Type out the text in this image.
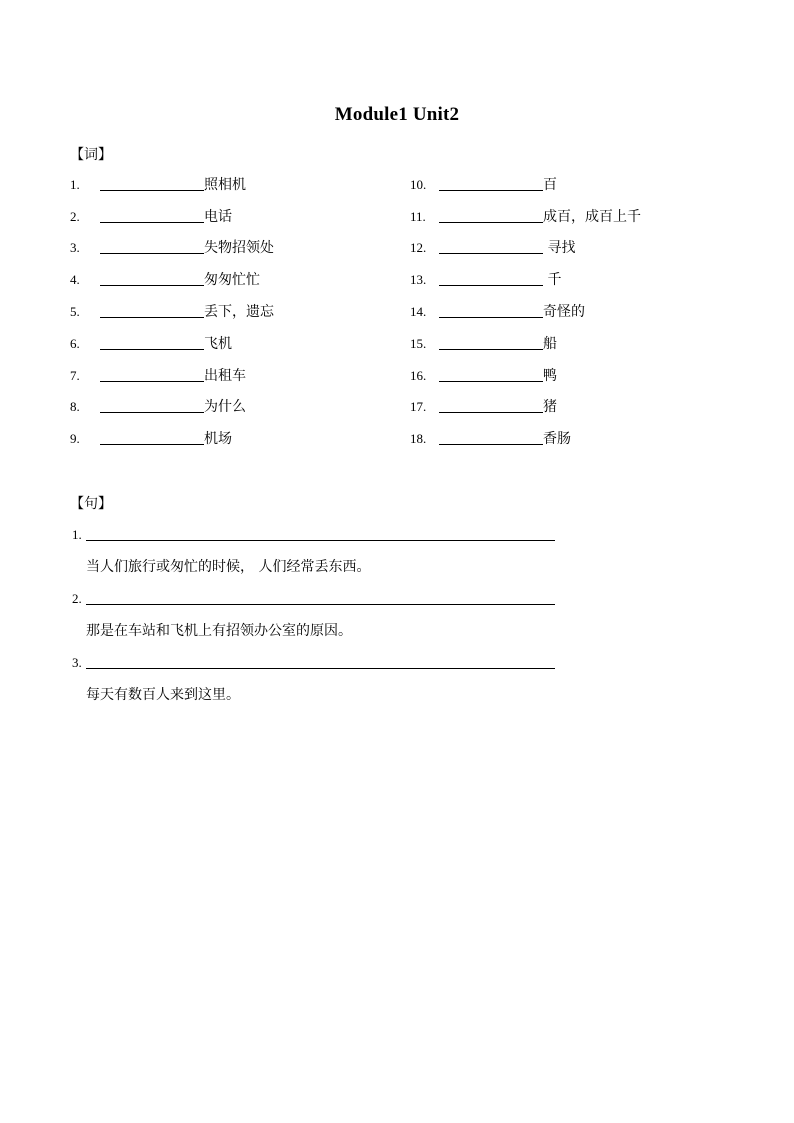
Module1 Unit2
【词】
1.	照相机
2.	电话
3.	失物招领处
4.	匆匆忙忙
5.	丢下，遗忘
6.	飞机
7.	出租车
8.	为什么
9.	机场
10.	百
11.	成百，成百上千
12.	寻找
13.	千
14.	奇怪的
15.	船
16.	鸭
17.	猪
18.	香肠
【句】
1.
当人们旅行或匆忙的时候， 人们经常丢东西。
2.
那是在车站和飞机上有招领办公室的原因。
3.
每天有数百人来到这里。
